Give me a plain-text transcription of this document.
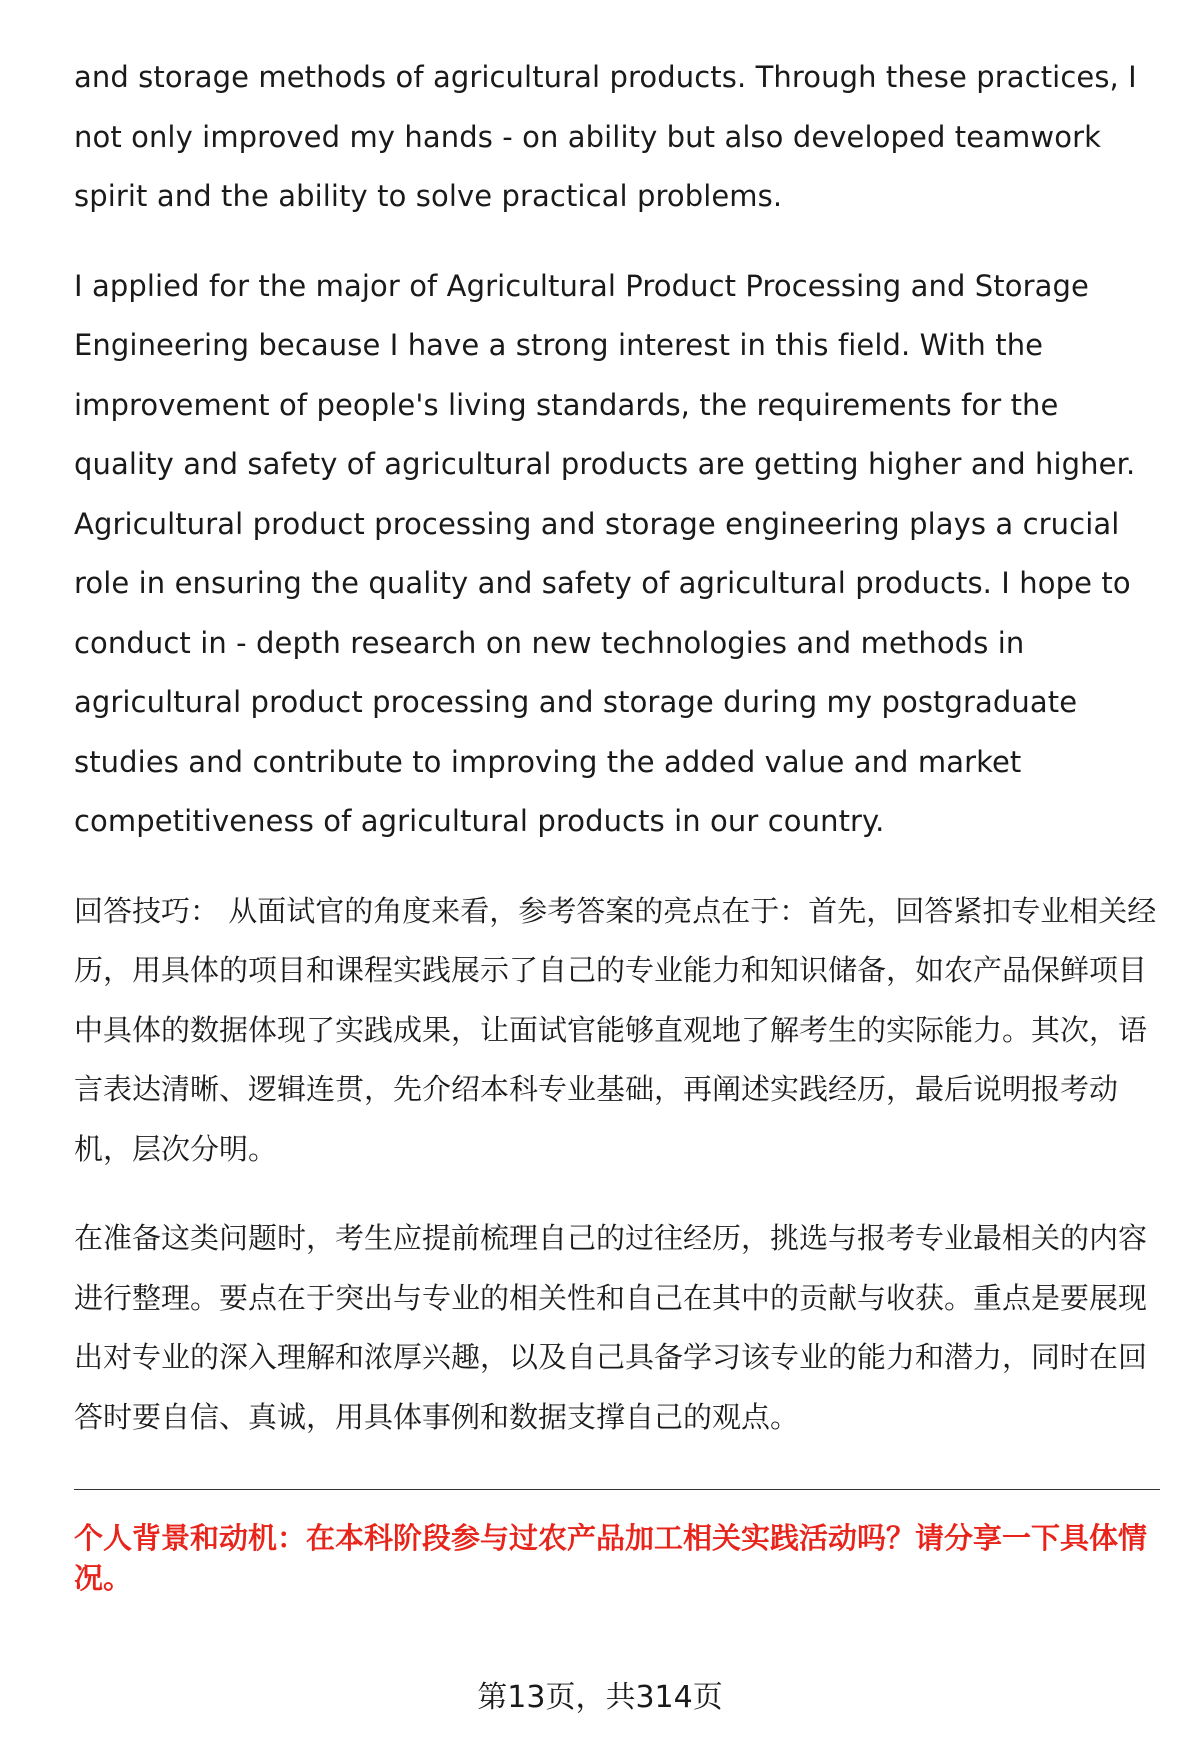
and storage methods of agricultural products. Through these practices, I not only improved my hands - on ability but also developed teamwork spirit and the ability to solve practical problems.

I applied for the major of Agricultural Product Processing and Storage Engineering because I have a strong interest in this field. With the improvement of people's living standards, the requirements for the quality and safety of agricultural products are getting higher and higher. Agricultural product processing and storage engineering plays a crucial role in ensuring the quality and safety of agricultural products. I hope to conduct in - depth research on new technologies and methods in agricultural product processing and storage during my postgraduate studies and contribute to improving the added value and market competitiveness of agricultural products in our country.

回答技巧： 从面试官的角度来看，参考答案的亮点在于：首先，回答紧扣专业相关经历，用具体的项目和课程实践展示了自己的专业能力和知识储备，如农产品保鲜项目中具体的数据体现了实践成果，让面试官能够直观地了解考生的实际能力。其次，语言表达清晰、逻辑连贯，先介绍本科专业基础，再阐述实践经历，最后说明报考动机，层次分明。

在准备这类问题时，考生应提前梳理自己的过往经历，挑选与报考专业最相关的内容进行整理。要点在于突出与专业的相关性和自己在其中的贡献与收获。重点是要展现出对专业的深入理解和浓厚兴趣，以及自己具备学习该专业的能力和潜力，同时在回答时要自信、真诚，用具体事例和数据支撑自己的观点。

个人背景和动机：在本科阶段参与过农产品加工相关实践活动吗？请分享一下具体情况。

第13页，共314页
